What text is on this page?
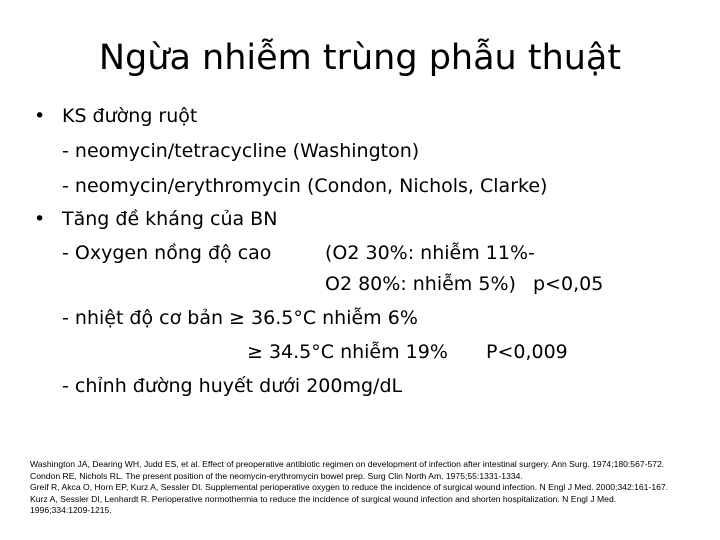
Ngừa nhiễm trùng phẫu thuật
• KS đường ruột
- neomycin/tetracycline (Washington)
- neomycin/erythromycin (Condon, Nichols, Clarke)
• Tăng đề kháng của BN
- Oxygen nồng độ cao	(O2 30%: nhiễm 11%-
O2 80%: nhiễm 5%) p<0,05
- nhiệt độ cơ bản ≥ 36.5°C nhiễm 6%
≥ 34.5°C nhiễm 19% P<0,009
- chỉnh đường huyết dưới 200mg/dL
Washington JA, Dearing WH, Judd ES, et al. Effect of preoperative antibiotic regimen on development of infection after intestinal surgery. Ann Surg. 1974;180:567-572.
Condon RE, Nichols RL. The present position of the neomycin-erythromycin bowel prep. Surg Clin North Am. 1975;55:1331-1334.
Greif R, Akca O, Horn EP, Kurz A, Sessler DI. Supplemental perioperative oxygen to reduce the incidence of surgical wound infection. N Engl J Med. 2000;342:161-167.
Kurz A, Sessler DI, Lenhardt R. Perioperative normothermia to reduce the incidence of surgical wound infection and shorten hospitalization. N Engl J Med.
1996;334:1209-1215.
